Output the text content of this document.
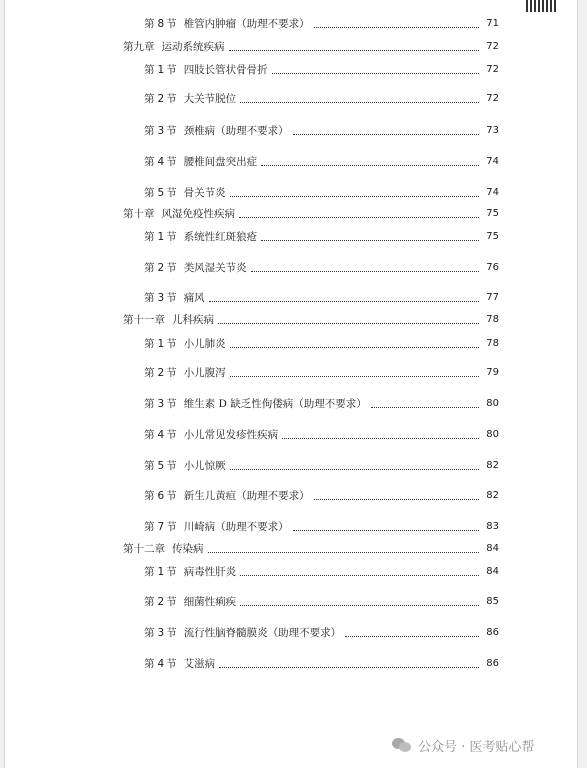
第 8 节 椎管内肿瘤（助理不要求）	71
第九章 运动系统疾病	72
第 1 节 四肢长管状骨骨折	72
第 2 节 大关节脱位	72
第 3 节 颈椎病（助理不要求）	73
第 4 节 腰椎间盘突出症	74
第 5 节 骨关节炎	74
第十章 风湿免疫性疾病	75
第 1 节 系统性红斑狼疮	75
第 2 节 类风湿关节炎	76
第 3 节 痛风	77
第十一章 儿科疾病	78
第 1 节 小儿肺炎	78
第 2 节 小儿腹泻	79
第 3 节 维生素 D 缺乏性佝偻病（助理不要求）	80
第 4 节 小儿常见发疹性疾病	80
第 5 节 小儿惊厥	82
第 6 节 新生儿黄疸（助理不要求）	82
第 7 节 川崎病（助理不要求）	83
第十二章 传染病	84
第 1 节 病毒性肝炎	84
第 2 节 细菌性痢疾	85
第 3 节 流行性脑脊髓膜炎（助理不要求）	86
第 4 节 艾滋病	86
公众号 · 医考贴心帮
